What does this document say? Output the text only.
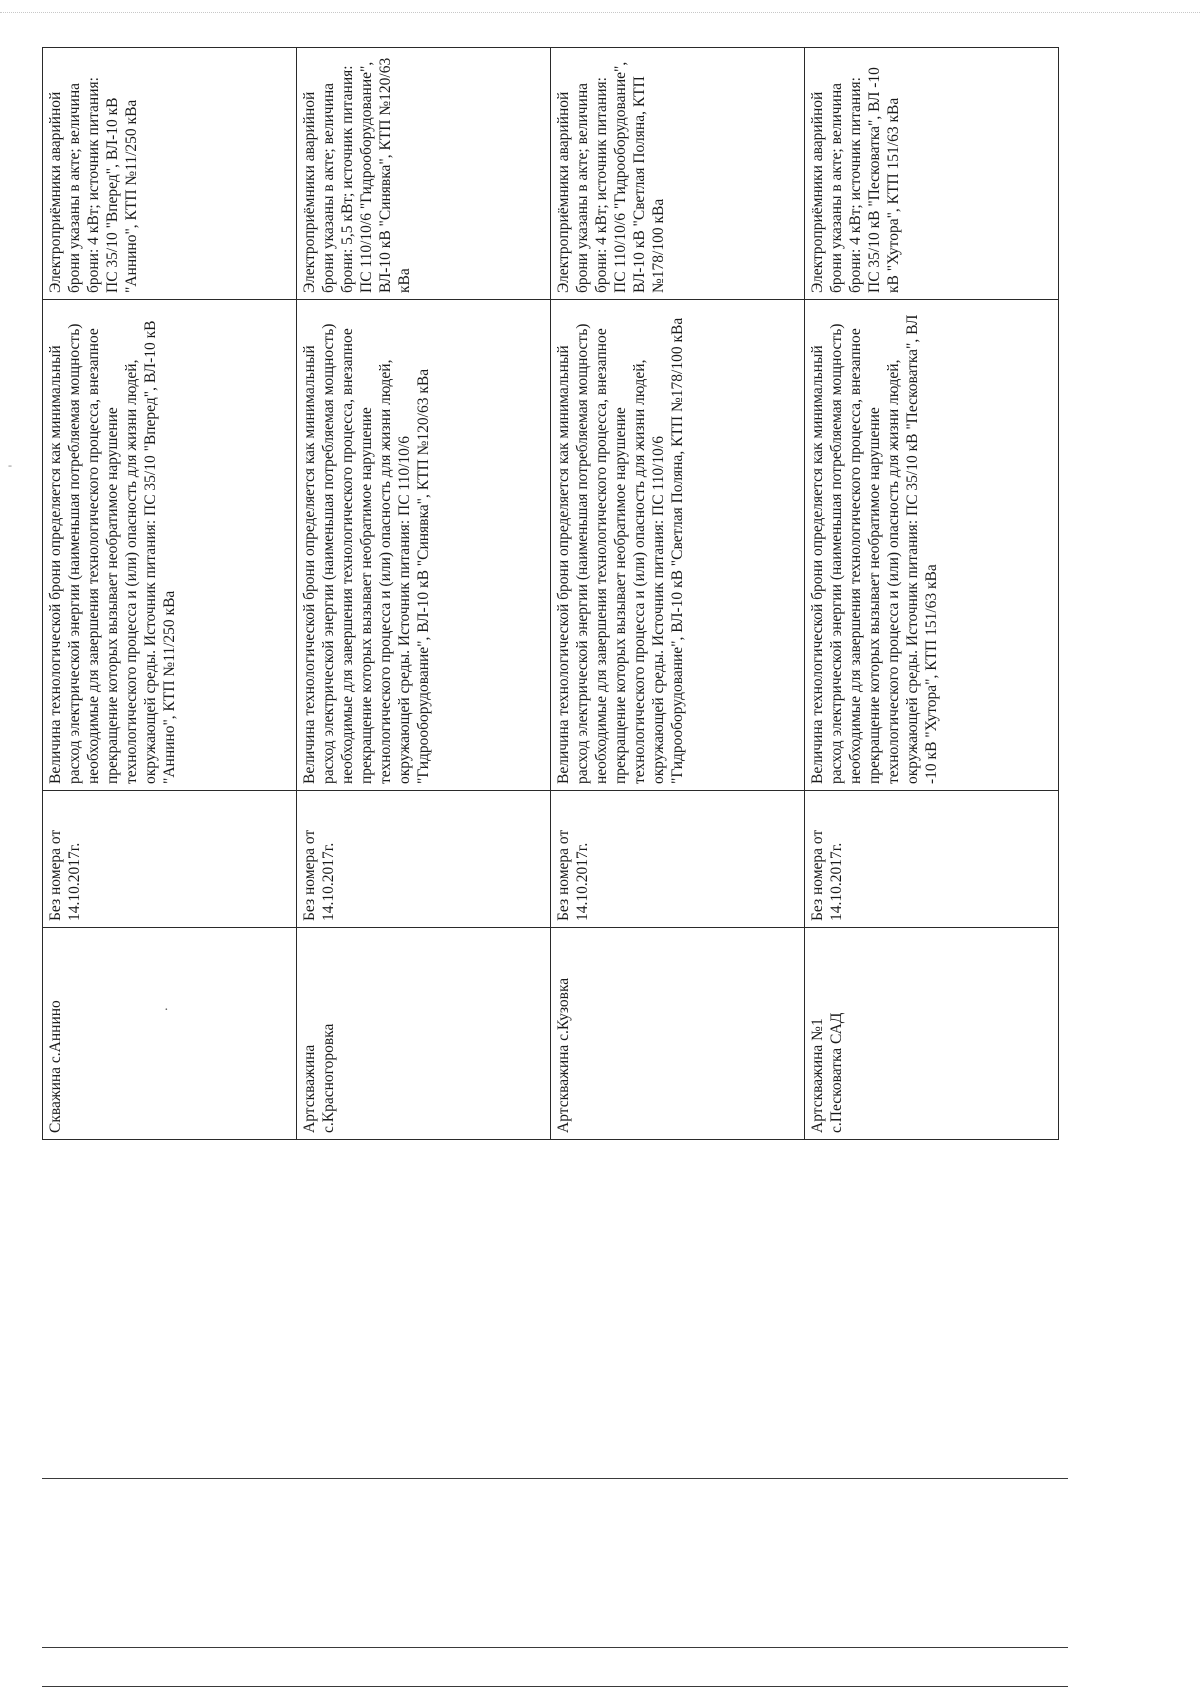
Скважина с.Аннино	Без номера от 14.10.2017г.	Величина технологической брони определяется как минимальный расход электрической энергии (наименьшая потребляемая мощность) необходимые для завершения технологического процесса, внезапное прекращение которых вызывает необратимое нарушение технологического процесса и (или) опасность для жизни людей, окружающей среды. Источник питания: ПС 35/10 "Вперед", ВЛ-10 кВ "Аннино", КТП №11/250 кВа	Электроприёмники аварийной брони указаны в акте; величина брони: 4 кВт; источник питания: ПС 35/10 "Вперед", ВЛ-10 кВ "Аннино", КТП №11/250 кВа
Артскважина с.Красногоровка	Без номера от 14.10.2017г.	Величина технологической брони определяется как минимальный расход электрической энергии (наименьшая потребляемая мощность) необходимые для завершения технологического процесса, внезапное прекращение которых вызывает необратимое нарушение технологического процесса и (или) опасность для жизни людей, окружающей среды. Источник питания: ПС 110/10/6 "Гидрооборудование", ВЛ-10 кВ "Синявка", КТП №120/63 кВа	Электроприёмники аварийной брони указаны в акте; величина брони: 5,5 кВт; источник питания: ПС 110/10/6 "Гидрооборудование", ВЛ-10 кВ "Синявка", КТП №120/63 кВа
Артскважина с.Кузовка	Без номера от 14.10.2017г.	Величина технологической брони определяется как минимальный расход электрической энергии (наименьшая потребляемая мощность) необходимые для завершения технологического процесса, внезапное прекращение которых вызывает необратимое нарушение технологического процесса и (или) опасность для жизни людей, окружающей среды. Источник питания: ПС 110/10/6 "Гидрооборудование", ВЛ-10 кВ "Светлая Поляна, КТП №178/100 кВа	Электроприёмники аварийной брони указаны в акте; величина брони: 4 кВт; источник питания: ПС 110/10/6 "Гидрооборудование", ВЛ-10 кВ "Светлая Поляна, КТП №178/100 кВа
Артскважина №1 с.Песковатка САД	Без номера от 14.10.2017г.	Величина технологической брони определяется как минимальный расход электрической энергии (наименьшая потребляемая мощность) необходимые для завершения технологического процесса, внезапное прекращение которых вызывает необратимое нарушение технологического процесса и (или) опасность для жизни людей, окружающей среды. Источник питания: ПС 35/10 кВ "Песковатка", ВЛ -10 кВ "Хутора", КТП 151/63 кВа	Электроприёмники аварийной брони указаны в акте; величина брони: 4 кВт; источник питания: ПС 35/10 кВ "Песковатка", ВЛ -10 кВ "Хутора", КТП 151/63 кВа
·
-
